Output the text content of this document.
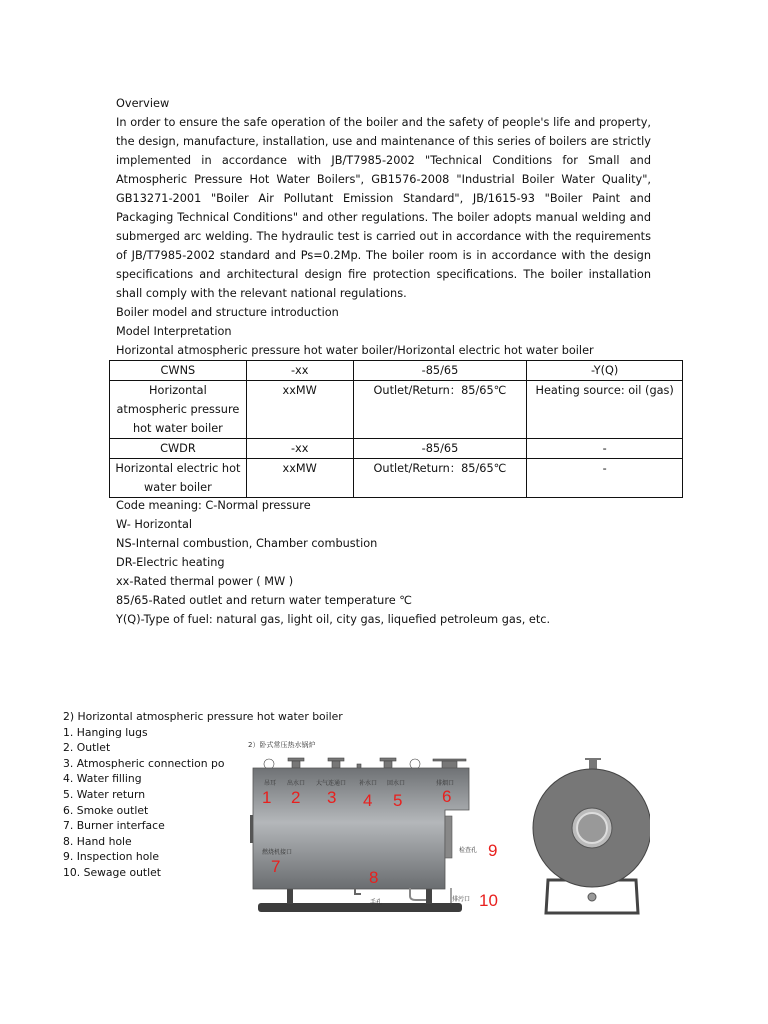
Overview

In order to ensure the safe operation of the boiler and the safety of people's life and property, the design, manufacture, installation, use and maintenance of this series of boilers are strictly implemented in accordance with JB/T7985-2002 "Technical Conditions for Small and Atmospheric Pressure Hot Water Boilers", GB1576-2008 "Industrial Boiler Water Quality", GB13271-2001 "Boiler Air Pollutant Emission Standard", JB/1615-93 "Boiler Paint and Packaging Technical Conditions" and other regulations. The boiler adopts manual welding and submerged arc welding. The hydraulic test is carried out in accordance with the requirements of JB/T7985-2002 standard and Ps=0.2Mp. The boiler room is in accordance with the design specifications and architectural design fire protection specifications. The boiler installation shall comply with the relevant national regulations.

Boiler model and structure introduction
Model Interpretation
Horizontal atmospheric pressure hot water boiler/Horizontal electric hot water boiler
CWNS	-xx	-85/65	-Y(Q)
Horizontal atmospheric pressure hot water boiler	xxMW	Outlet/Return：85/65℃	Heating source: oil (gas)
CWDR	-xx	-85/65	-
Horizontal electric hot water boiler	xxMW	Outlet/Return：85/65℃	-
Code meaning: C-Normal pressure
W- Horizontal
NS-Internal combustion, Chamber combustion
DR-Electric heating
xx-Rated thermal power ( MW )
85/65-Rated outlet and return water temperature ℃
Y(Q)-Type of fuel: natural gas, light oil, city gas, liquefied petroleum gas, etc.
2) Horizontal atmospheric pressure hot water boiler
1. Hanging lugs
2. Outlet
3. Atmospheric connection po
4. Water filling
5. Water return
6. Smoke outlet
7. Burner interface
8. Hand hole
9. Inspection hole
10. Sewage outlet
2）卧式常压热水锅炉
吊耳 出水口 大气连通口 补水口 回水口	排烟口
燃烧机接口
手孔
检查孔
排污口
1 2 3 4 5 6
7
8
9
10
